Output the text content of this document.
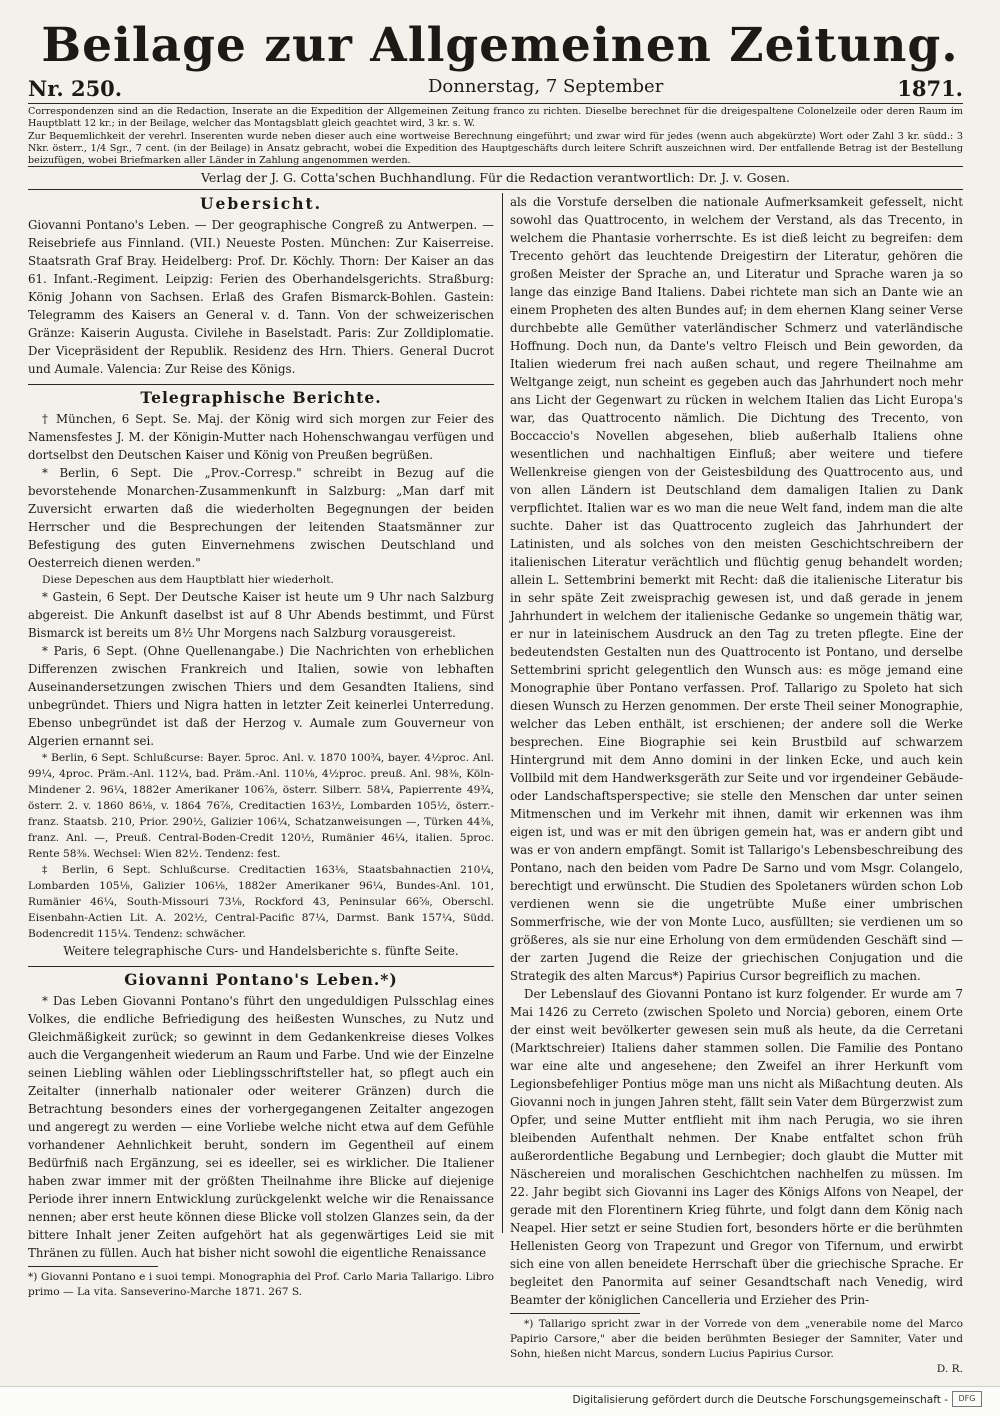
Beilage zur Allgemeinen Zeitung.
Nr. 250.	Donnerstag, 7 September	1871.
Correspondenzen sind an die Redaction, Inserate an die Expedition der Allgemeinen Zeitung franco zu richten. Dieselbe berechnet für die dreigespaltene Colonelzeile oder deren Raum im Hauptblatt 12 kr.; in der Beilage, welcher das Montagsblatt gleich geachtet wird, 3 kr. s. W.
Zur Bequemlichkeit der verehrl. Inserenten wurde neben dieser auch eine wortweise Berechnung eingeführt; und zwar wird für jedes (wenn auch abgekürzte) Wort oder Zahl 3 kr. südd.: 3 Nkr. österr., 1/4 Sgr., 7 cent. (in der Beilage) in Ansatz gebracht, wobei die Expedition des Hauptgeschäfts durch leitere Schrift auszeichnen wird. Der entfallende Betrag ist der Bestellung beizufügen, wobei Briefmarken aller Länder in Zahlung angenommen werden.
Verlag der J. G. Cotta'schen Buchhandlung. Für die Redaction verantwortlich: Dr. J. v. Gosen.
Uebersicht.

Giovanni Pontano's Leben. — Der geographische Congreß zu Antwerpen. — Reisebriefe aus Finnland. (VII.) Neueste Posten. München: Zur Kaiserreise. Staatsrath Graf Bray. Heidelberg: Prof. Dr. Köchly. Thorn: Der Kaiser an das 61. Infant.-Regiment. Leipzig: Ferien des Oberhandelsgerichts. Straßburg: König Johann von Sachsen. Erlaß des Grafen Bismarck-Bohlen. Gastein: Telegramm des Kaisers an General v. d. Tann. Von der schweizerischen Gränze: Kaiserin Augusta. Civilehe in Baselstadt. Paris: Zur Zolldiplomatie. Der Vicepräsident der Republik. Residenz des Hrn. Thiers. General Ducrot und Aumale. Valencia: Zur Reise des Königs.

Telegraphische Berichte.

† München, 6 Sept. Se. Maj. der König wird sich morgen zur Feier des Namensfestes J. M. der Königin-Mutter nach Hohenschwangau verfügen und dortselbst den Deutschen Kaiser und König von Preußen begrüßen.

* Berlin, 6 Sept. Die „Prov.-Corresp." schreibt in Bezug auf die bevorstehende Monarchen-Zusammenkunft in Salzburg: „Man darf mit Zuversicht erwarten daß die wiederholten Begegnungen der beiden Herrscher und die Besprechungen der leitenden Staatsmänner zur Befestigung des guten Einvernehmens zwischen Deutschland und Oesterreich dienen werden."

Diese Depeschen aus dem Hauptblatt hier wiederholt.

* Gastein, 6 Sept. Der Deutsche Kaiser ist heute um 9 Uhr nach Salzburg abgereist. Die Ankunft daselbst ist auf 8 Uhr Abends bestimmt, und Fürst Bismarck ist bereits um 8½ Uhr Morgens nach Salzburg vorausgereist.

* Paris, 6 Sept. (Ohne Quellenangabe.) Die Nachrichten von erheblichen Differenzen zwischen Frankreich und Italien, sowie von lebhaften Auseinandersetzungen zwischen Thiers und dem Gesandten Italiens, sind unbegründet. Thiers und Nigra hatten in letzter Zeit keinerlei Unterredung. Ebenso unbegründet ist daß der Herzog v. Aumale zum Gouverneur von Algerien ernannt sei.

* Berlin, 6 Sept. Schlußcurse: Bayer. 5proc. Anl. v. 1870 100¾, bayer. 4½proc. Anl. 99¼, 4proc. Präm.-Anl. 112¼, bad. Präm.-Anl. 110⅛, 4½proc. preuß. Anl. 98⅜, Köln-Mindener 2. 96¼, 1882er Amerikaner 106⅞, österr. Silberr. 58¼, Papierrente 49¾, österr. 2. v. 1860 86⅛, v. 1864 76⅞, Creditactien 163½, Lombarden 105½, österr.-franz. Staatsb. 210, Prior. 290½, Galizier 106¼, Schatzanweisungen —, Türken 44⅜, franz. Anl. —, Preuß. Central-Boden-Credit 120½, Rumänier 46¼, italien. 5proc. Rente 58⅜. Wechsel: Wien 82½. Tendenz: fest.

‡ Berlin, 6 Sept. Schlußcurse. Creditactien 163⅛, Staatsbahnactien 210¼, Lombarden 105⅛, Galizier 106⅛, 1882er Amerikaner 96¼, Bundes-Anl. 101, Rumänier 46¼, South-Missouri 73⅛, Rockford 43, Peninsular 66⅝, Oberschl. Eisenbahn-Actien Lit. A. 202½, Central-Pacific 87¼, Darmst. Bank 157¼, Südd. Bodencredit 115¼. Tendenz: schwächer.

Weitere telegraphische Curs- und Handelsberichte s. fünfte Seite.

Giovanni Pontano's Leben.*)

* Das Leben Giovanni Pontano's führt den ungeduldigen Pulsschlag eines Volkes, die endliche Befriedigung des heißesten Wunsches, zu Nutz und Gleichmäßigkeit zurück; so gewinnt in dem Gedankenkreise dieses Volkes auch die Vergangenheit wiederum an Raum und Farbe. Und wie der Einzelne seinen Liebling wählen oder Lieblingsschriftsteller hat, so pflegt auch ein Zeitalter (innerhalb nationaler oder weiterer Gränzen) durch die Betrachtung besonders eines der vorhergegangenen Zeitalter angezogen und angeregt zu werden — eine Vorliebe welche nicht etwa auf dem Gefühle vorhandener Aehnlichkeit beruht, sondern im Gegentheil auf einem Bedürfniß nach Ergänzung, sei es ideeller, sei es wirklicher. Die Italiener haben zwar immer mit der größten Theilnahme ihre Blicke auf diejenige Periode ihrer innern Entwicklung zurückgelenkt welche wir die Renaissance nennen; aber erst heute können diese Blicke voll stolzen Glanzes sein, da der bittere Inhalt jener Zeiten aufgehört hat als gegenwärtiges Leid sie mit Thränen zu füllen. Auch hat bisher nicht sowohl die eigentliche Renaissance

*) Giovanni Pontano e i suoi tempi. Monographia del Prof. Carlo Maria Tallarigo. Libro primo — La vita. Sanseverino-Marche 1871. 267 S.

als die Vorstufe derselben die nationale Aufmerksamkeit gefesselt, nicht sowohl das Quattrocento, in welchem der Verstand, als das Trecento, in welchem die Phantasie vorherrschte. Es ist dieß leicht zu begreifen: dem Trecento gehört das leuchtende Dreigestirn der Literatur, gehören die großen Meister der Sprache an, und Literatur und Sprache waren ja so lange das einzige Band Italiens. Dabei richtete man sich an Dante wie an einem Propheten des alten Bundes auf; in dem ehernen Klang seiner Verse durchbebte alle Gemüther vaterländischer Schmerz und vaterländische Hoffnung. Doch nun, da Dante's veltro Fleisch und Bein geworden, da Italien wiederum frei nach außen schaut, und regere Theilnahme am Weltgange zeigt, nun scheint es gegeben auch das Jahrhundert noch mehr ans Licht der Gegenwart zu rücken in welchem Italien das Licht Europa's war, das Quattrocento nämlich. Die Dichtung des Trecento, von Boccaccio's Novellen abgesehen, blieb außerhalb Italiens ohne wesentlichen und nachhaltigen Einfluß; aber weitere und tiefere Wellenkreise giengen von der Geistesbildung des Quattrocento aus, und von allen Ländern ist Deutschland dem damaligen Italien zu Dank verpflichtet. Italien war es wo man die neue Welt fand, indem man die alte suchte. Daher ist das Quattrocento zugleich das Jahrhundert der Latinisten, und als solches von den meisten Geschichtschreibern der italienischen Literatur verächtlich und flüchtig genug behandelt worden; allein L. Settembrini bemerkt mit Recht: daß die italienische Literatur bis in sehr späte Zeit zweisprachig gewesen ist, und daß gerade in jenem Jahrhundert in welchem der italienische Gedanke so ungemein thätig war, er nur in lateinischem Ausdruck an den Tag zu treten pflegte. Eine der bedeutendsten Gestalten nun des Quattrocento ist Pontano, und derselbe Settembrini spricht gelegentlich den Wunsch aus: es möge jemand eine Monographie über Pontano verfassen. Prof. Tallarigo zu Spoleto hat sich diesen Wunsch zu Herzen genommen. Der erste Theil seiner Monographie, welcher das Leben enthält, ist erschienen; der andere soll die Werke besprechen. Eine Biographie sei kein Brustbild auf schwarzem Hintergrund mit dem Anno domini in der linken Ecke, und auch kein Vollbild mit dem Handwerksgeräth zur Seite und vor irgendeiner Gebäude- oder Landschaftsperspective; sie stelle den Menschen dar unter seinen Mitmenschen und im Verkehr mit ihnen, damit wir erkennen was ihm eigen ist, und was er mit den übrigen gemein hat, was er andern gibt und was er von andern empfängt. Somit ist Tallarigo's Lebensbeschreibung des Pontano, nach den beiden vom Padre De Sarno und vom Msgr. Colangelo, berechtigt und erwünscht. Die Studien des Spoletaners würden schon Lob verdienen wenn sie die ungetrübte Muße einer umbrischen Sommerfrische, wie der von Monte Luco, ausfüllten; sie verdienen um so größeres, als sie nur eine Erholung von dem ermüdenden Geschäft sind — der zarten Jugend die Reize der griechischen Conjugation und die Strategik des alten Marcus*) Papirius Cursor begreiflich zu machen.

Der Lebenslauf des Giovanni Pontano ist kurz folgender. Er wurde am 7 Mai 1426 zu Cerreto (zwischen Spoleto und Norcia) geboren, einem Orte der einst weit bevölkerter gewesen sein muß als heute, da die Cerretani (Marktschreier) Italiens daher stammen sollen. Die Familie des Pontano war eine alte und angesehene; den Zweifel an ihrer Herkunft vom Legionsbefehliger Pontius möge man uns nicht als Mißachtung deuten. Als Giovanni noch in jungen Jahren steht, fällt sein Vater dem Bürgerzwist zum Opfer, und seine Mutter entflieht mit ihm nach Perugia, wo sie ihren bleibenden Aufenthalt nehmen. Der Knabe entfaltet schon früh außerordentliche Begabung und Lernbegier; doch glaubt die Mutter mit Näschereien und moralischen Geschichtchen nachhelfen zu müssen. Im 22. Jahr begibt sich Giovanni ins Lager des Königs Alfons von Neapel, der gerade mit den Florentinern Krieg führte, und folgt dann dem König nach Neapel. Hier setzt er seine Studien fort, besonders hörte er die berühmten Hellenisten Georg von Trapezunt und Gregor von Tifernum, und erwirbt sich eine von allen beneidete Herrschaft über die griechische Sprache. Er begleitet den Panormita auf seiner Gesandtschaft nach Venedig, wird Beamter der königlichen Cancelleria und Erzieher des Prin-

*) Tallarigo spricht zwar in der Vorrede von dem „venerabile nome del Marco Papirio Carsore," aber die beiden berühmten Besieger der Samniter, Vater und Sohn, hießen nicht Marcus, sondern Lucius Papirius Cursor.

D. R.

Digitalisierung gefördert durch die Deutsche Forschungsgemeinschaft -	DFG
